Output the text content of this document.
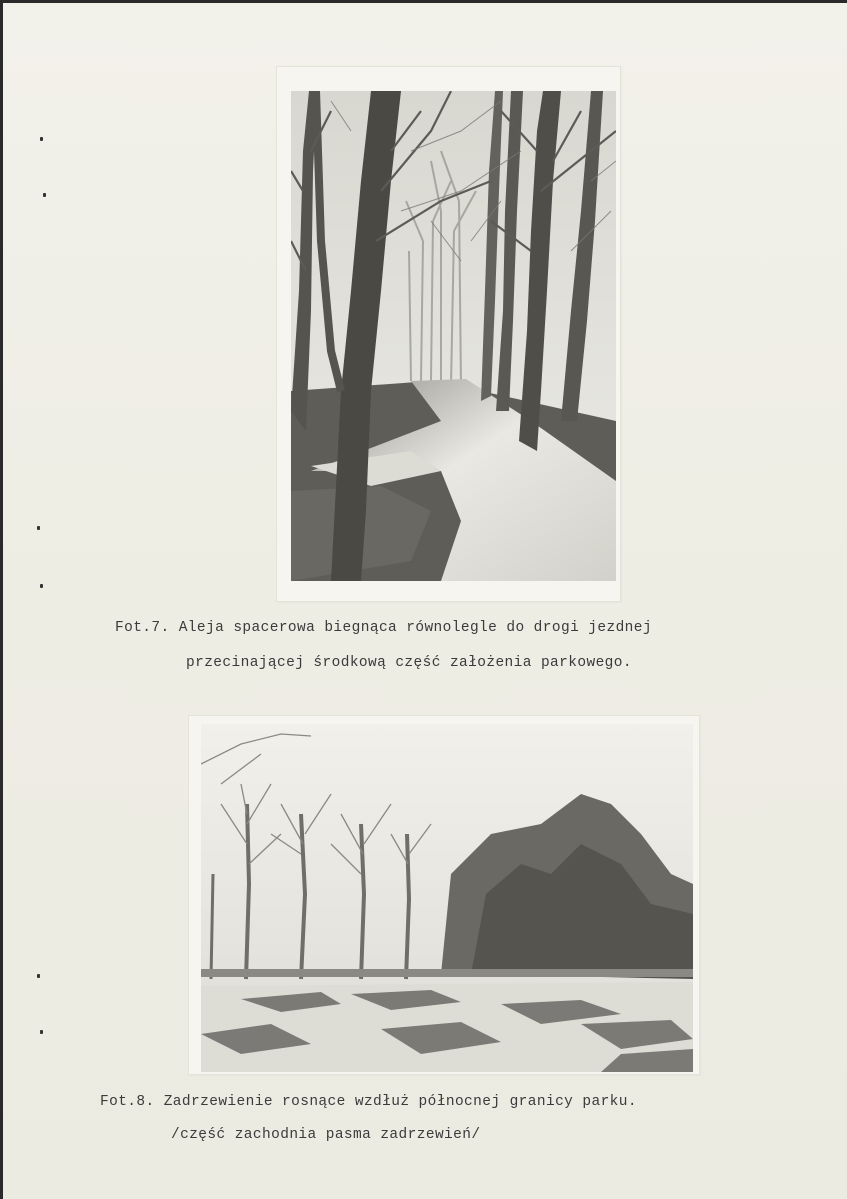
Fot.7. Aleja spacerowa biegnąca równolegle do drogi jezdnej
przecinającej środkową część założenia parkowego.
Fot.8. Zadrzewienie rosnące wzdłuż północnej granicy parku.
/część zachodnia pasma zadrzewień/
